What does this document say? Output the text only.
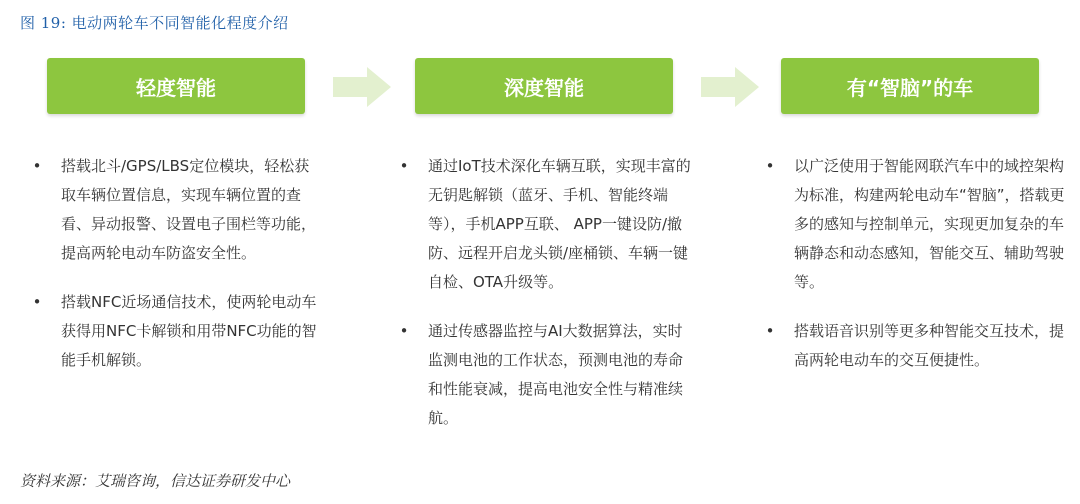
图 19: 电动两轮车不同智能化程度介绍
轻度智能	深度智能	有“智脑”的车
• 搭载北斗/GPS/LBS定位模块，轻松获取车辆位置信息，实现车辆位置的查看、异动报警、设置电子围栏等功能，提高两轮电动车防盗安全性。
• 搭载NFC近场通信技术，使两轮电动车获得用NFC卡解锁和用带NFC功能的智能手机解锁。
• 通过IoT技术深化车辆互联，实现丰富的无钥匙解锁（蓝牙、手机、智能终端等），手机APP互联、 APP一键设防/撤防、远程开启龙头锁/座桶锁、车辆一键自检、OTA升级等。
• 通过传感器监控与AI大数据算法，实时监测电池的工作状态，预测电池的寿命和性能衰减，提高电池安全性与精准续航。
• 以广泛使用于智能网联汽车中的域控架构为标准，构建两轮电动车“智脑”，搭载更多的感知与控制单元，实现更加复杂的车辆静态和动态感知，智能交互、辅助驾驶等。
• 搭载语音识别等更多种智能交互技术，提高两轮电动车的交互便捷性。
资料来源：艾瑞咨询，信达证券研发中心
